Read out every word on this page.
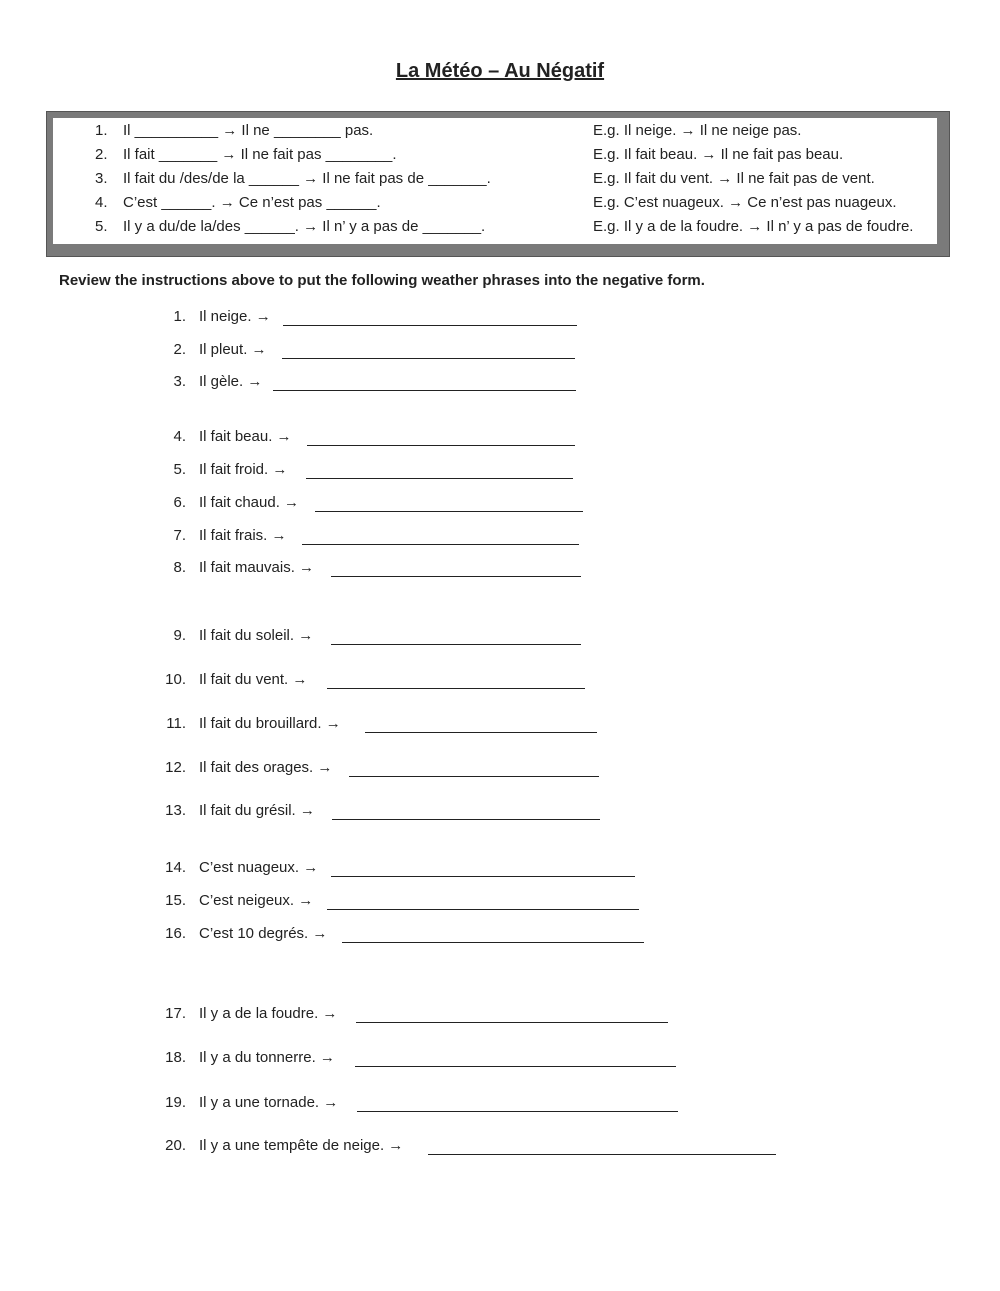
La Météo – Au Négatif
1. Il __________ → Il ne ________ pas.	E.g. Il neige. → Il ne neige pas.
2. Il fait _______ → Il ne fait pas ________.	E.g. Il fait beau. → Il ne fait pas beau.
3. Il fait du /des/de la ______ → Il ne fait pas de _______.	E.g. Il fait du vent. → Il ne fait pas de vent.
4. C’est ______. → Ce n’est pas ______.	E.g. C’est nuageux. → Ce n’est pas nuageux.
5. Il y a du/de la/des ______. → Il n’ y a pas de _______.	E.g. Il y a de la foudre. → Il n’ y a pas de foudre.
Review the instructions above to put the following weather phrases into the negative form.
1. Il neige. →
2. Il pleut. →
3. Il gèle. →
4. Il fait beau. →
5. Il fait froid. →
6. Il fait chaud. →
7. Il fait frais. →
8. Il fait mauvais. →
9. Il fait du soleil. →
10. Il fait du vent. →
11. Il fait du brouillard. →
12. Il fait des orages. →
13. Il fait du grésil. →
14. C’est nuageux. →
15. C’est neigeux. →
16. C’est 10 degrés. →
17. Il y a de la foudre. →
18. Il y a du tonnerre. →
19. Il y a une tornade. →
20. Il y a une tempête de neige. →
